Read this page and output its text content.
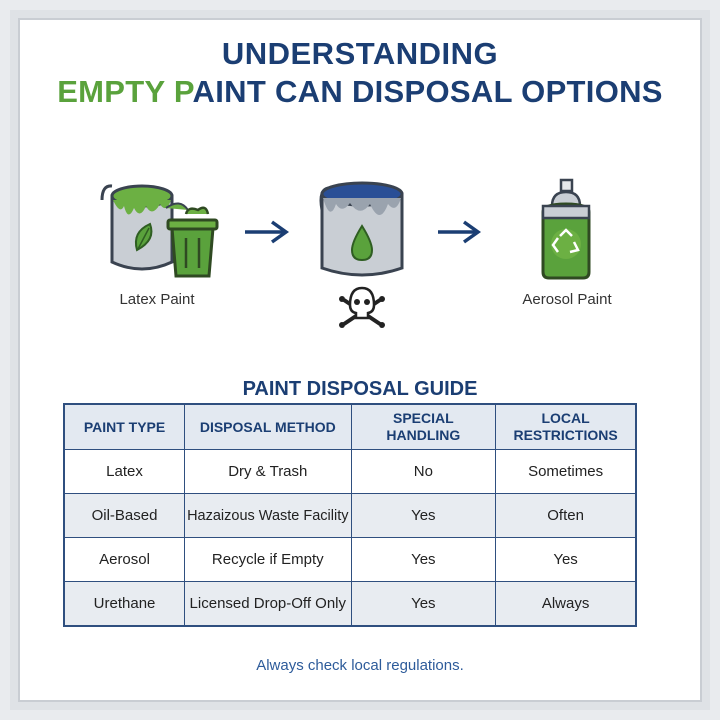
UNDERSTANDING
EMPTY PAINT CAN DISPOSAL OPTIONS
Latex Paint	Aerosol Paint
PAINT DISPOSAL GUIDE
PAINT TYPE	DISPOSAL METHOD	SPECIAL HANDLING	LOCAL RESTRICTIONS
Latex	Dry & Trash	No	Sometimes
Oil-Based	Hazaizous Waste Facility	Yes	Often
Aerosol	Recycle if Empty	Yes	Yes
Urethane	Licensed Drop-Off Only	Yes	Always
Always check local regulations.
